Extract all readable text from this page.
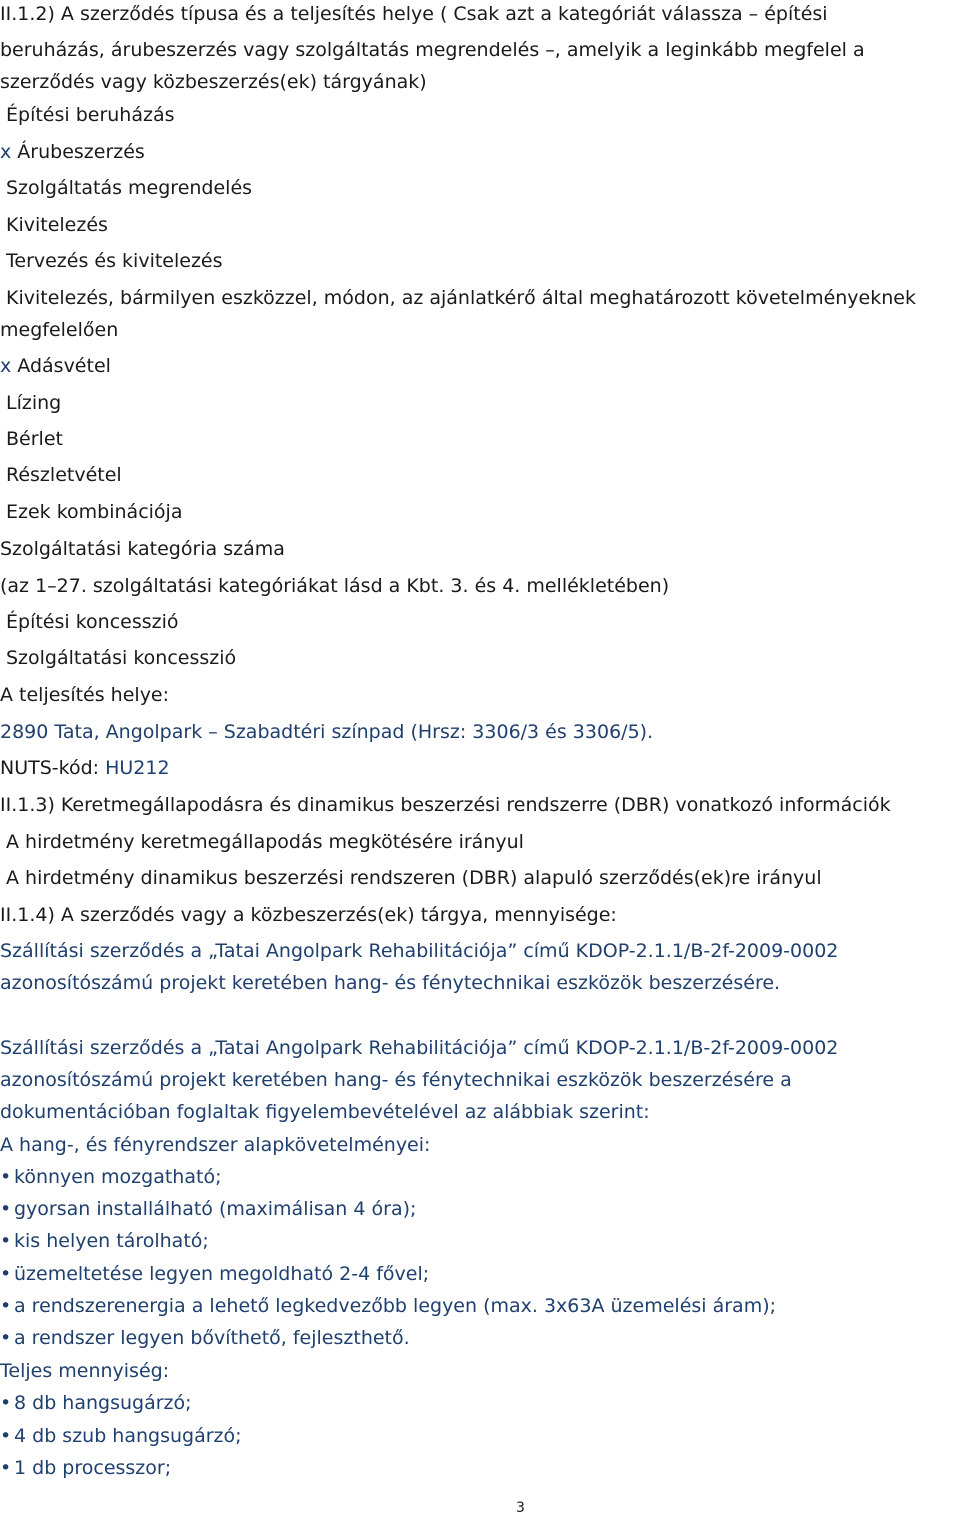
II.1.2) A szerződés típusa és a teljesítés helye ( Csak azt a kategóriát válassza – építési
beruházás, árubeszerzés vagy szolgáltatás megrendelés –, amelyik a leginkább megfelel a
szerződés vagy közbeszerzés(ek) tárgyának)
Építési beruházás
x Árubeszerzés
Szolgáltatás megrendelés
Kivitelezés
Tervezés és kivitelezés
Kivitelezés, bármilyen eszközzel, módon, az ajánlatkérő által meghatározott követelményeknek
megfelelően
x Adásvétel
Lízing
Bérlet
Részletvétel
Ezek kombinációja
Szolgáltatási kategória száma
(az 1–27. szolgáltatási kategóriákat lásd a Kbt. 3. és 4. mellékletében)
Építési koncesszió
Szolgáltatási koncesszió
A teljesítés helye:
2890 Tata, Angolpark – Szabadtéri színpad (Hrsz: 3306/3 és 3306/5).
NUTS-kód: HU212
II.1.3) Keretmegállapodásra és dinamikus beszerzési rendszerre (DBR) vonatkozó információk
A hirdetmény keretmegállapodás megkötésére irányul
A hirdetmény dinamikus beszerzési rendszeren (DBR) alapuló szerződés(ek)re irányul
II.1.4) A szerződés vagy a közbeszerzés(ek) tárgya, mennyisége:
Szállítási szerződés a „Tatai Angolpark Rehabilitációja” című KDOP-2.1.1/B-2f-2009-0002
azonosítószámú projekt keretében hang- és fénytechnikai eszközök beszerzésére.
Szállítási szerződés a „Tatai Angolpark Rehabilitációja” című KDOP-2.1.1/B-2f-2009-0002
azonosítószámú projekt keretében hang- és fénytechnikai eszközök beszerzésére a
dokumentációban foglaltak figyelembevételével az alábbiak szerint:
A hang-, és fényrendszer alapkövetelményei:
• könnyen mozgatható;
• gyorsan installálható (maximálisan 4 óra);
• kis helyen tárolható;
• üzemeltetése legyen megoldható 2-4 fővel;
• a rendszerenergia a lehető legkedvezőbb legyen (max. 3x63A üzemelési áram);
• a rendszer legyen bővíthető, fejleszthető.
Teljes mennyiség:
• 8 db hangsugárzó;
• 4 db szub hangsugárzó;
• 1 db processzor;
3
